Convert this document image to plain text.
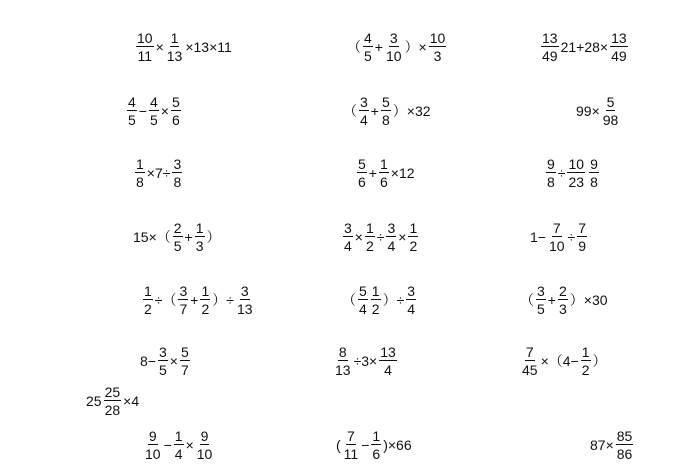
$\frac{10}{11} \times \frac{1}{13} \times 13\times 11$	（ $\frac{4}{5} + \frac{3}{10}$ ）× $\frac{10}{3}$	$\frac{13}{49} 21+28\times \frac{13}{49}$
$\frac{4}{5} - \frac{4}{5} \times \frac{5}{6}$	（ $\frac{3}{4} + \frac{5}{8} )\times 32$	$99\times \frac{5}{98}$
$\frac{1}{8} \times 7\div \frac{3}{8}$	$\frac{5}{6} + \frac{1}{6} \times 12$	$\frac{9}{8} \div \frac{10}{23} \frac{9}{8}$
$15\times( \frac{2}{5} + \frac{1}{3}$ ）	$\frac{3}{4} \times \frac{1}{2} \div \frac{3}{4} \times \frac{1}{2}$	$1- \frac{7}{10} \div \frac{7}{9}$
$\frac{1}{2}$ ÷（ $\frac{3}{7} + \frac{1}{2}$ ）÷ $\frac{3}{13}$	（ $\frac{5}{4} \frac{1}{2}$ ）÷ $\frac{3}{4}$	（ $\frac{3}{5} + \frac{2}{3} )\times 30$
$8- \frac{3}{5} \times \frac{5}{7}$	$\frac{8}{13} \div 3\times \frac{13}{4}$	$\frac{7}{45} \times(4- \frac{1}{2}$ ）
$25 \frac{25}{28} \times 4$
$\frac{9}{10} - \frac{1}{4} \times \frac{9}{10}$	( $\frac{7}{11} - \frac{1}{6} )\times 66$	$87\times \frac{85}{86}$
